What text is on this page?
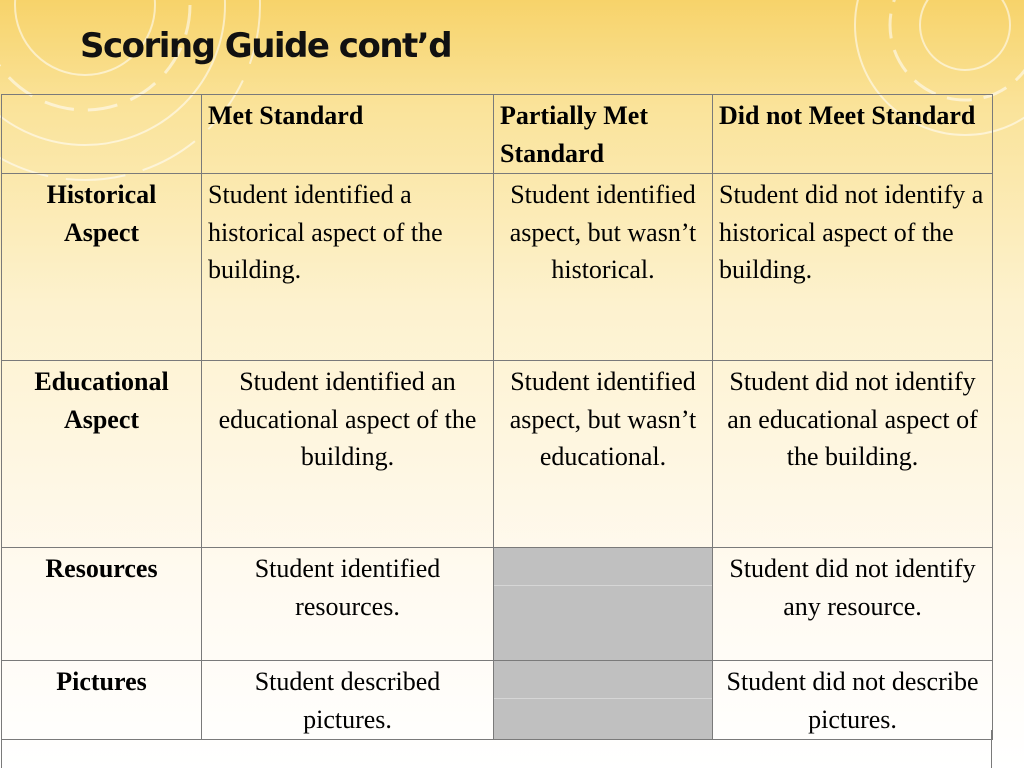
Scoring Guide cont’d
	Met Standard	Partially Met Standard	Did not Meet Standard
Historical Aspect	Student identified a historical aspect of the building.	Student identified aspect, but wasn’t historical.	Student did not identify a historical aspect of the building.
Educational Aspect	Student identified an educational aspect of the building.	Student identified aspect, but wasn’t educational.	Student did not identify an educational aspect of the building.
Resources	Student identified resources.		Student did not identify any resource.
Pictures	Student described pictures.		Student did not describe pictures.
